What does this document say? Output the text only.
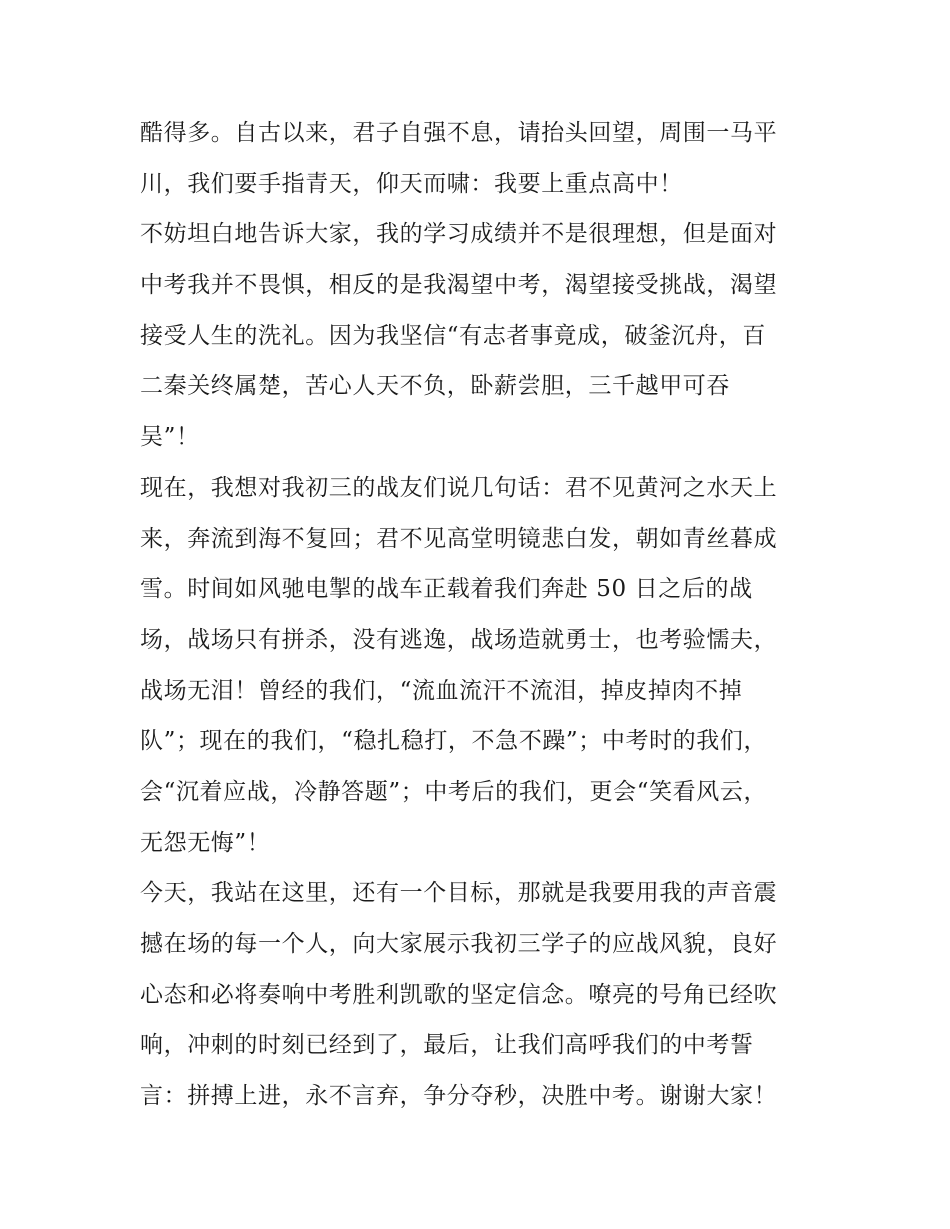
酷得多。自古以来，君子自强不息，请抬头回望，周围一马平
川，我们要手指青天，仰天而啸：我要上重点高中！
不妨坦白地告诉大家，我的学习成绩并不是很理想，但是面对
中考我并不畏惧，相反的是我渴望中考，渴望接受挑战，渴望
接受人生的洗礼。因为我坚信“有志者事竟成，破釜沉舟，百
二秦关终属楚，苦心人天不负，卧薪尝胆，三千越甲可吞
吴”！
现在，我想对我初三的战友们说几句话：君不见黄河之水天上
来，奔流到海不复回；君不见高堂明镜悲白发，朝如青丝暮成
雪。时间如风驰电掣的战车正载着我们奔赴 50 日之后的战
场，战场只有拼杀，没有逃逸，战场造就勇士，也考验懦夫，
战场无泪！曾经的我们，“流血流汗不流泪，掉皮掉肉不掉
队”；现在的我们，“稳扎稳打，不急不躁”；中考时的我们，
会“沉着应战，冷静答题”；中考后的我们，更会“笑看风云，
无怨无悔”！
今天，我站在这里，还有一个目标，那就是我要用我的声音震
撼在场的每一个人，向大家展示我初三学子的应战风貌，良好
心态和必将奏响中考胜利凯歌的坚定信念。嘹亮的号角已经吹
响，冲刺的时刻已经到了，最后，让我们高呼我们的中考誓
言：拼搏上进，永不言弃，争分夺秒，决胜中考。谢谢大家！
